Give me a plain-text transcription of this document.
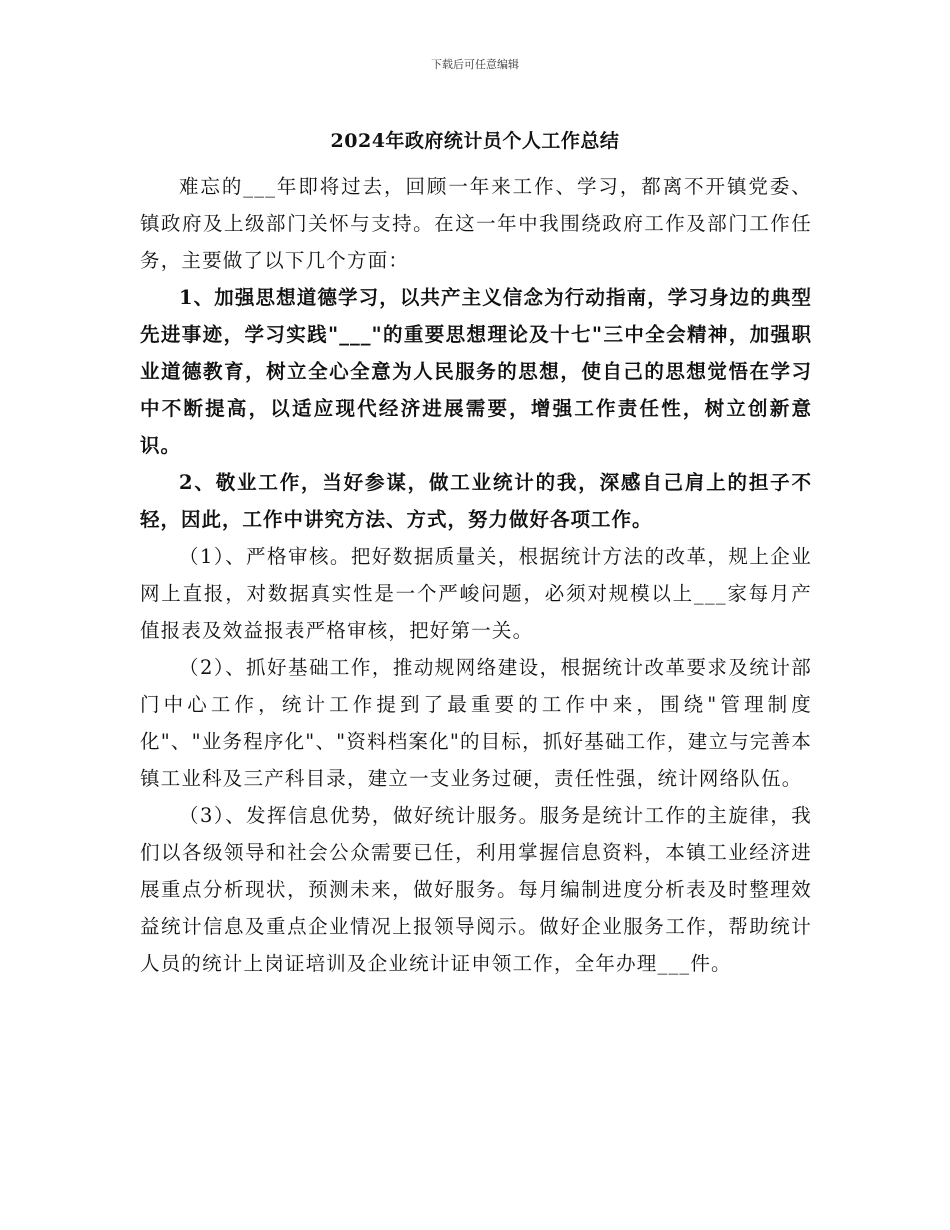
下载后可任意编辑
2024年政府统计员个人工作总结

难忘的___年即将过去，回顾一年来工作、学习，都离不开镇党委、镇政府及上级部门关怀与支持。在这一年中我围绕政府工作及部门工作任务，主要做了以下几个方面：

1、加强思想道德学习，以共产主义信念为行动指南，学习身边的典型先进事迹，学习实践"___"的重要思想理论及十七"三中全会精神，加强职业道德教育，树立全心全意为人民服务的思想，使自己的思想觉悟在学习中不断提高，以适应现代经济进展需要，增强工作责任性，树立创新意识。

2、敬业工作，当好参谋，做工业统计的我，深感自己肩上的担子不轻，因此，工作中讲究方法、方式，努力做好各项工作。

（1）、严格审核。把好数据质量关，根据统计方法的改革，规上企业网上直报，对数据真实性是一个严峻问题，必须对规模以上___家每月产值报表及效益报表严格审核，把好第一关。

（2）、抓好基础工作，推动规网络建设，根据统计改革要求及统计部门中心工作，统计工作提到了最重要的工作中来，围绕"管理制度化"、"业务程序化"、"资料档案化"的目标，抓好基础工作，建立与完善本镇工业科及三产科目录，建立一支业务过硬，责任性强，统计网络队伍。

（3）、发挥信息优势，做好统计服务。服务是统计工作的主旋律，我们以各级领导和社会公众需要已任，利用掌握信息资料，本镇工业经济进展重点分析现状，预测未来，做好服务。每月编制进度分析表及时整理效益统计信息及重点企业情况上报领导阅示。做好企业服务工作，帮助统计人员的统计上岗证培训及企业统计证申领工作，全年办理___件。
